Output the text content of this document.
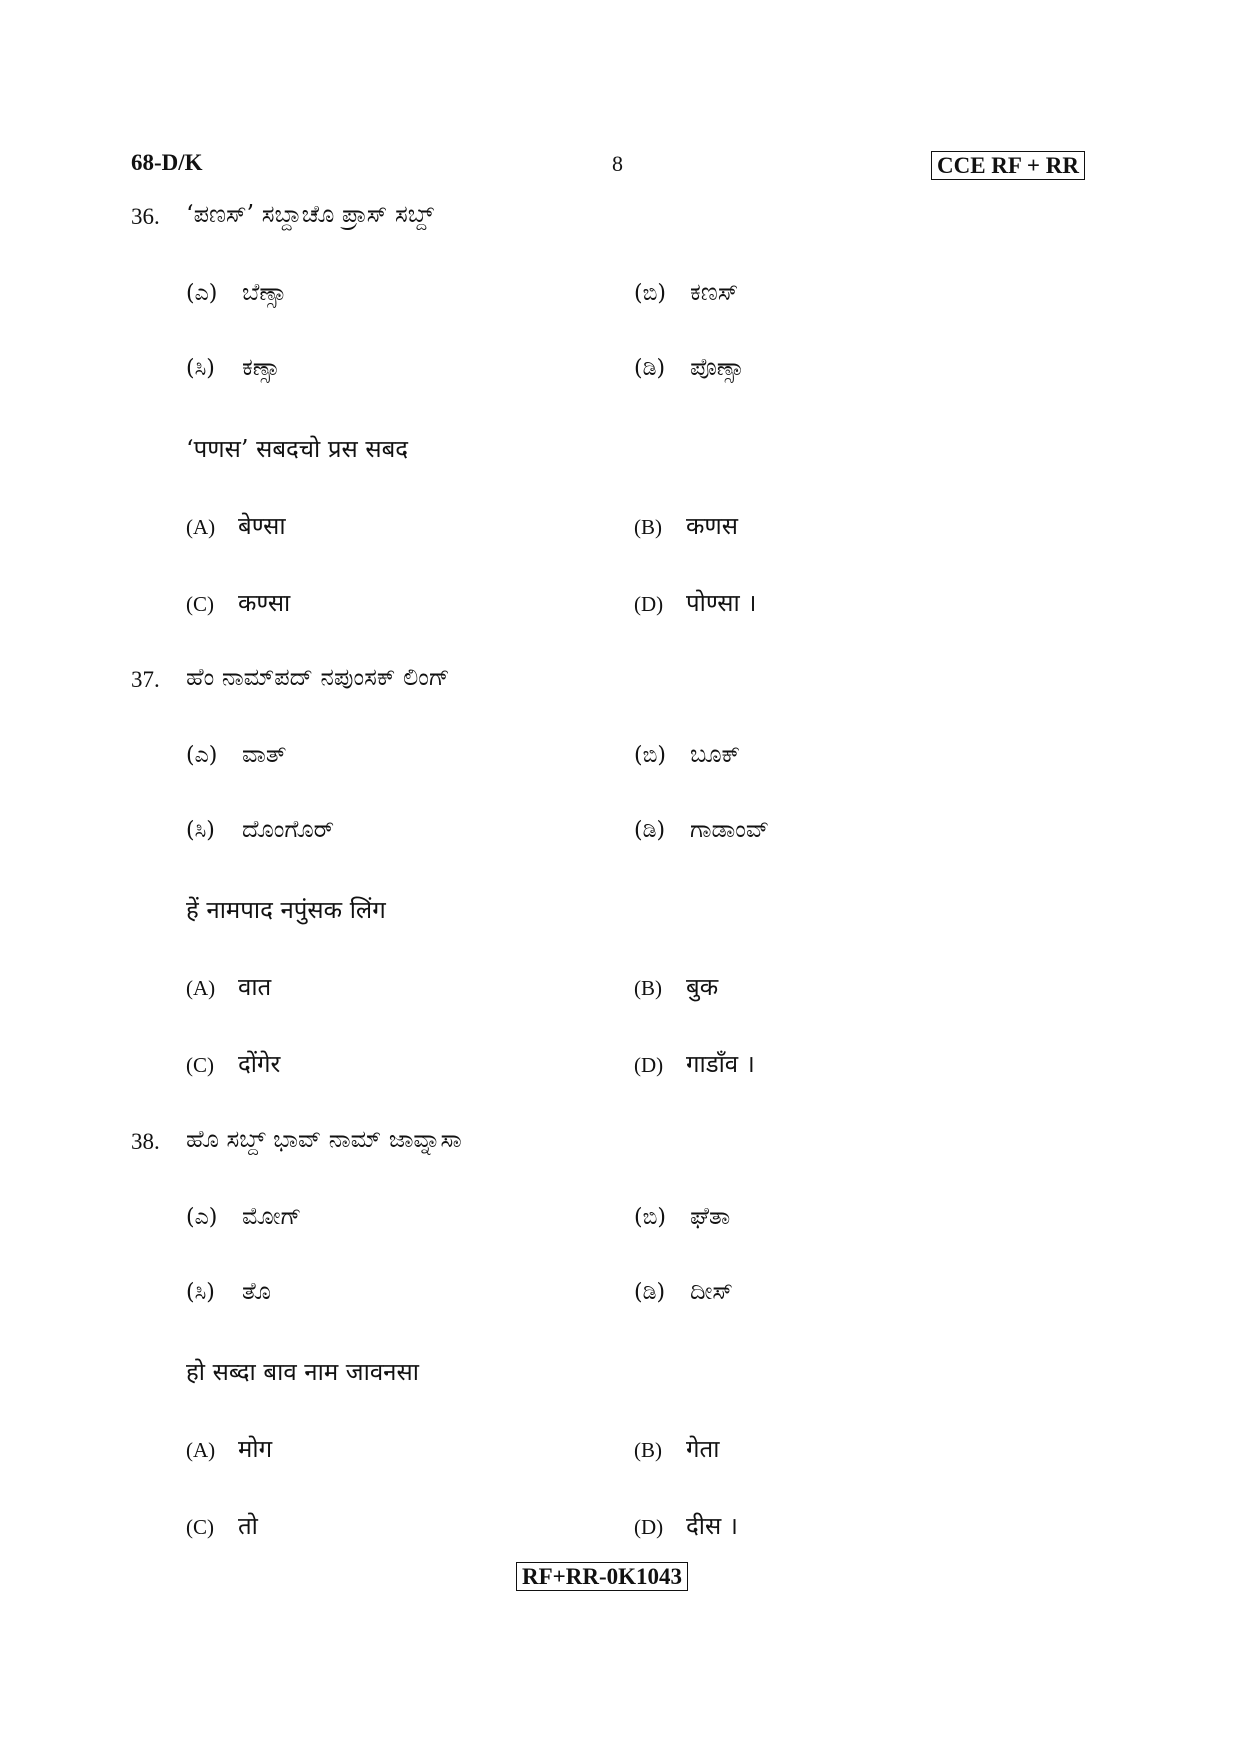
68-D/K	8	CCE RF + RR
36. ‘ಪಣಸ್’ ಸಬ್ದಾಚೊ ಪ್ರಾಸ್ ಸಬ್ದ್
(ಎ) ಬೆಣ್ಸಾ	(ಬಿ) ಕಣಸ್
(ಸಿ) ಕಣ್ಸಾ	(ಡಿ) ಪೊಣ್ಸಾ
‘पणस’ सबदचो प्रस सबद
(A) बेण्सा	(B) कणस
(C) कण्सा	(D) पोण्सा ।
37. ಹೆಂ ನಾಮ್‌ಪದ್ ನಪುಂಸಕ್ ಲಿಂಗ್
(ಎ) ವಾತ್	(ಬಿ) ಬೂಕ್
(ಸಿ) ದೊಂಗೊರ್	(ಡಿ) ಗಾಡಾಂವ್
हें नामपाद नपुंसक लिंग
(A) वात	(B) बुक
(C) दोंगेर	(D) गाडाँव ।
38. ಹೊ ಸಬ್ದ್ ಭಾವ್ ನಾಮ್ ಜಾವ್ನಾಸಾ
(ಎ) ಮೋಗ್	(ಬಿ) ಘೆತಾ
(ಸಿ) ತೊ	(ಡಿ) ದೀಸ್
हो सब्दा बाव नाम जावनसा
(A) मोग	(B) गेता
(C) तो	(D) दीस ।
RF+RR-0K1043
